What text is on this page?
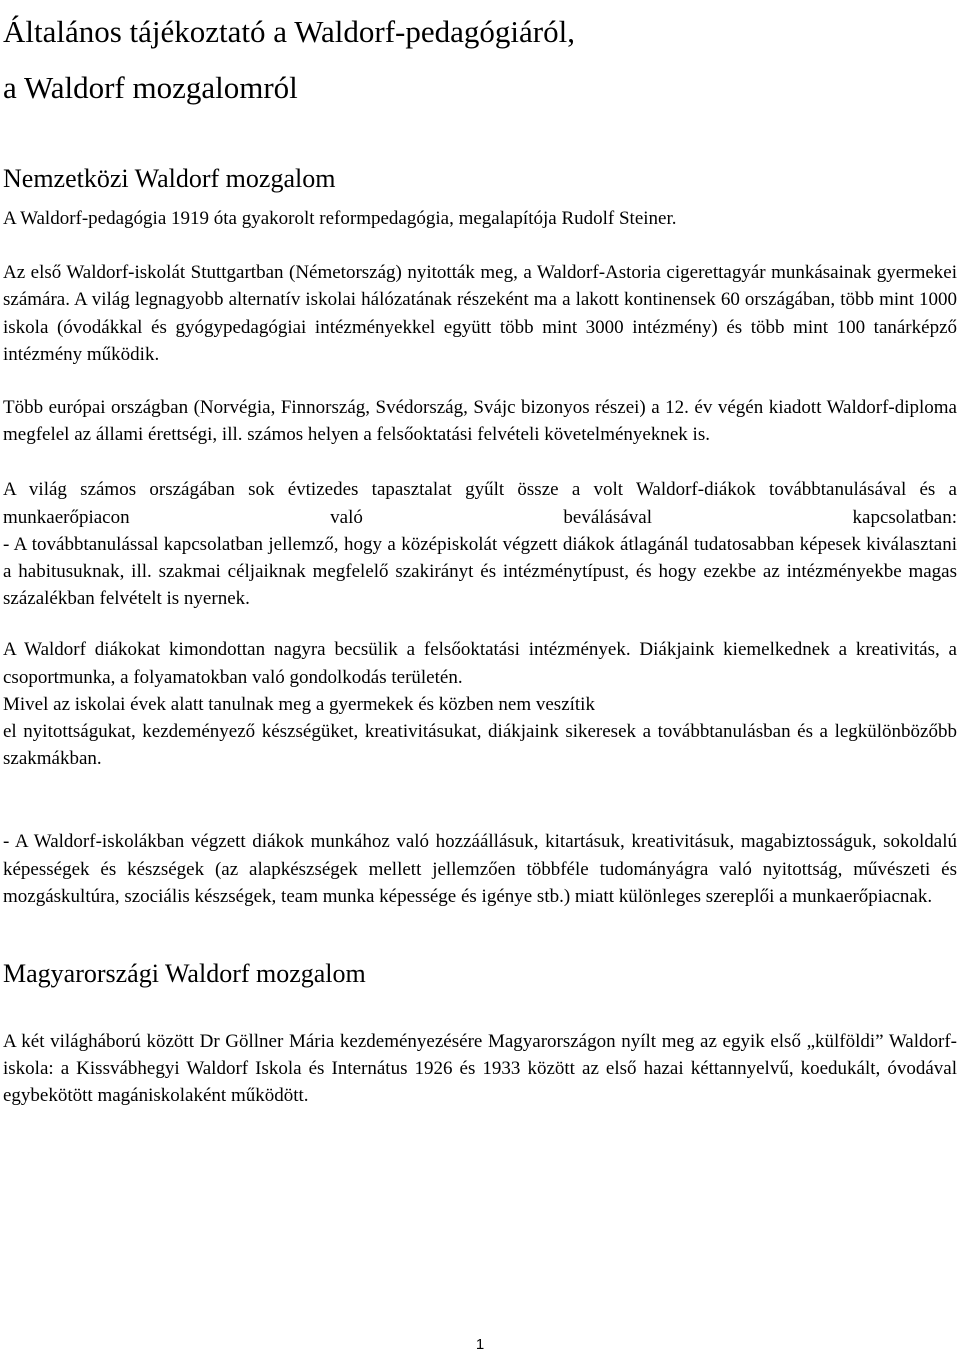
Általános tájékoztató a Waldorf-pedagógiáról,
a Waldorf mozgalomról
Nemzetközi Waldorf mozgalom

A Waldorf-pedagógia 1919 óta gyakorolt reformpedagógia, megalapítója Rudolf Steiner.

Az első Waldorf-iskolát Stuttgartban (Németország) nyitották meg, a Waldorf-Astoria cigerettagyár munkásainak gyermekei számára. A világ legnagyobb alternatív iskolai hálózatának részeként ma a lakott kontinensek 60 országában, több mint 1000 iskola (óvodákkal és gyógypedagógiai intézményekkel együtt több mint 3000 intézmény) és több mint 100 tanárképző intézmény működik.

Több európai országban (Norvégia, Finnország, Svédország, Svájc bizonyos részei) a 12. év végén kiadott Waldorf-diploma megfelel az állami érettségi, ill. számos helyen a felsőoktatási felvételi követelményeknek is.

A világ számos országában sok évtizedes tapasztalat gyűlt össze a volt Waldorf-diákok továbbtanulásával és a munkaerőpiacon való beválásával kapcsolatban:

- A továbbtanulással kapcsolatban jellemző, hogy a középiskolát végzett diákok átlagánál tudatosabban képesek kiválasztani a habitusuknak, ill. szakmai céljaiknak megfelelő szakirányt és intézménytípust, és hogy ezekbe az intézményekbe magas százalékban felvételt is nyernek.

A Waldorf diákokat kimondottan nagyra becsülik a felsőoktatási intézmények. Diákjaink kiemelkednek a kreativitás, a csoportmunka, a folyamatokban való gondolkodás területén.

Mivel az iskolai évek alatt tanulnak meg a gyermekek és közben nem veszítik

el nyitottságukat, kezdeményező készségüket, kreativitásukat, diákjaink sikeresek a továbbtanulásban és a legkülönbözőbb szakmákban.

- A Waldorf-iskolákban végzett diákok munkához való hozzáállásuk, kitartásuk, kreativitásuk, magabiztosságuk, sokoldalú képességek és készségek (az alapkészségek mellett jellemzően többféle tudományágra való nyitottság, művészeti és mozgáskultúra, szociális készségek, team munka képessége és igénye stb.) miatt különleges szereplői a munkaerőpiacnak.

Magyarországi Waldorf mozgalom

A két világháború között Dr Göllner Mária kezdeményezésére Magyarországon nyílt meg az egyik első „külföldi” Waldorf-iskola: a Kissvábhegyi Waldorf Iskola és Internátus 1926 és 1933 között az első hazai kéttannyelvű, koedukált, óvodával egybekötött magániskolaként működött.

1
